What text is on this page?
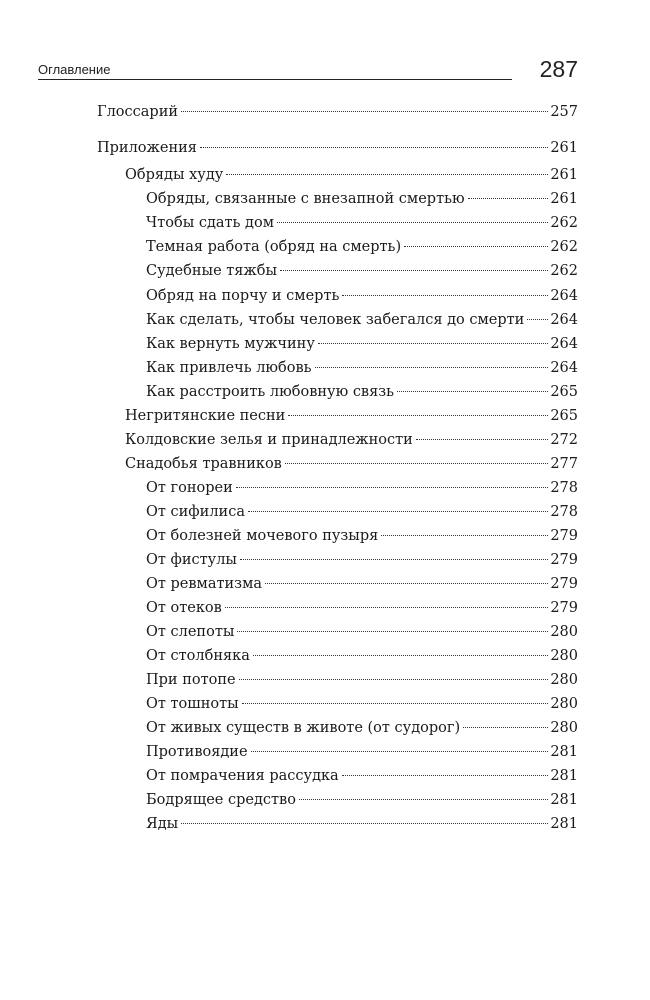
Оглавление	287
Глоссарий	257
Приложения	261
Обряды худу	261
Обряды, связанные с внезапной смертью	261
Чтобы сдать дом	262
Темная работа (обряд на смерть)	262
Судебные тяжбы	262
Обряд на порчу и смерть	264
Как сделать, чтобы человек забегался до смерти 264
Как вернуть мужчину	264
Как привлечь любовь	264
Как расстроить любовную связь	265
Негритянские песни	265
Колдовские зелья и принадлежности	272
Снадобья травников	277
От гонореи	278
От сифилиса	278
От болезней мочевого пузыря	279
От фистулы	279
От ревматизма	279
От отеков	279
От слепоты	280
От столбняка	280
При потопе	280
От тошноты	280
От живых существ в животе (от судорог)	280
Противоядие	281
От помрачения рассудка	281
Бодрящее средство	281
Яды	281
